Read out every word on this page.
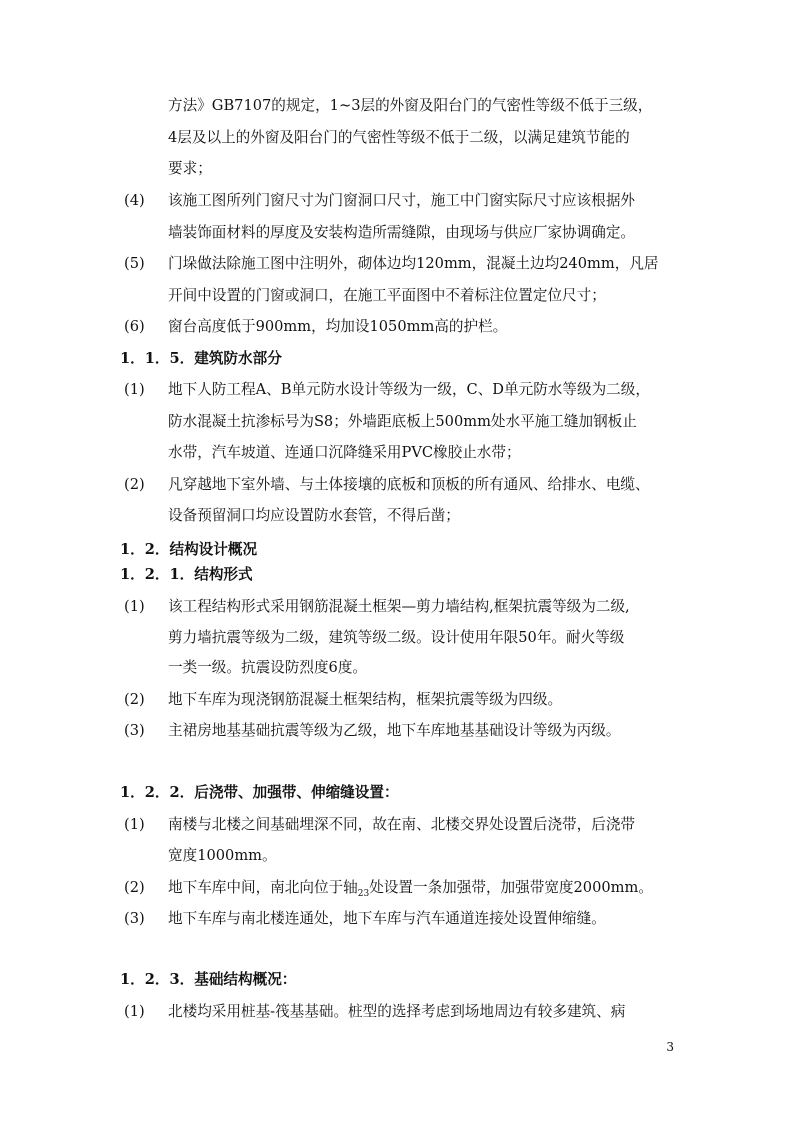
方法》GB7107的规定，1~3层的外窗及阳台门的气密性等级不低于三级，
4层及以上的外窗及阳台门的气密性等级不低于二级，以满足建筑节能的
要求；
(4) 该施工图所列门窗尺寸为门窗洞口尺寸，施工中门窗实际尺寸应该根据外
墙装饰面材料的厚度及安装构造所需缝隙，由现场与供应厂家协调确定。
(5) 门垛做法除施工图中注明外，砌体边均120mm，混凝土边均240mm，凡居
开间中设置的门窗或洞口，在施工平面图中不着标注位置定位尺寸；
(6) 窗台高度低于900mm，均加设1050mm高的护栏。
1．1．5．建筑防水部分
(1) 地下人防工程A、B单元防水设计等级为一级，C、D单元防水等级为二级，
防水混凝土抗渗标号为S8；外墙距底板上500mm处水平施工缝加钢板止
水带，汽车坡道、连通口沉降缝采用PVC橡胶止水带；
(2) 凡穿越地下室外墙、与土体接壤的底板和顶板的所有通风、给排水、电缆、
设备预留洞口均应设置防水套管，不得后凿；
1．2．结构设计概况
1．2．1．结构形式
(1) 该工程结构形式采用钢筋混凝土框架—剪力墙结构,框架抗震等级为二级,
剪力墙抗震等级为二级，建筑等级二级。设计使用年限50年。耐火等级
一类一级。抗震设防烈度6度。
(2) 地下车库为现浇钢筋混凝土框架结构，框架抗震等级为四级。
(3) 主裙房地基基础抗震等级为乙级，地下车库地基基础设计等级为丙级。
1．2．2．后浇带、加强带、伸缩缝设置：
(1) 南楼与北楼之间基础埋深不同，故在南、北楼交界处设置后浇带，后浇带
宽度1000mm。
(2) 地下车库中间，南北向位于轴$_{23}$处设置一条加强带，加强带宽度2000mm。
(3) 地下车库与南北楼连通处，地下车库与汽车通道连接处设置伸缩缝。
1．2．3．基础结构概况：
(1) 北楼均采用桩基-筏基基础。桩型的选择考虑到场地周边有较多建筑、病
3
